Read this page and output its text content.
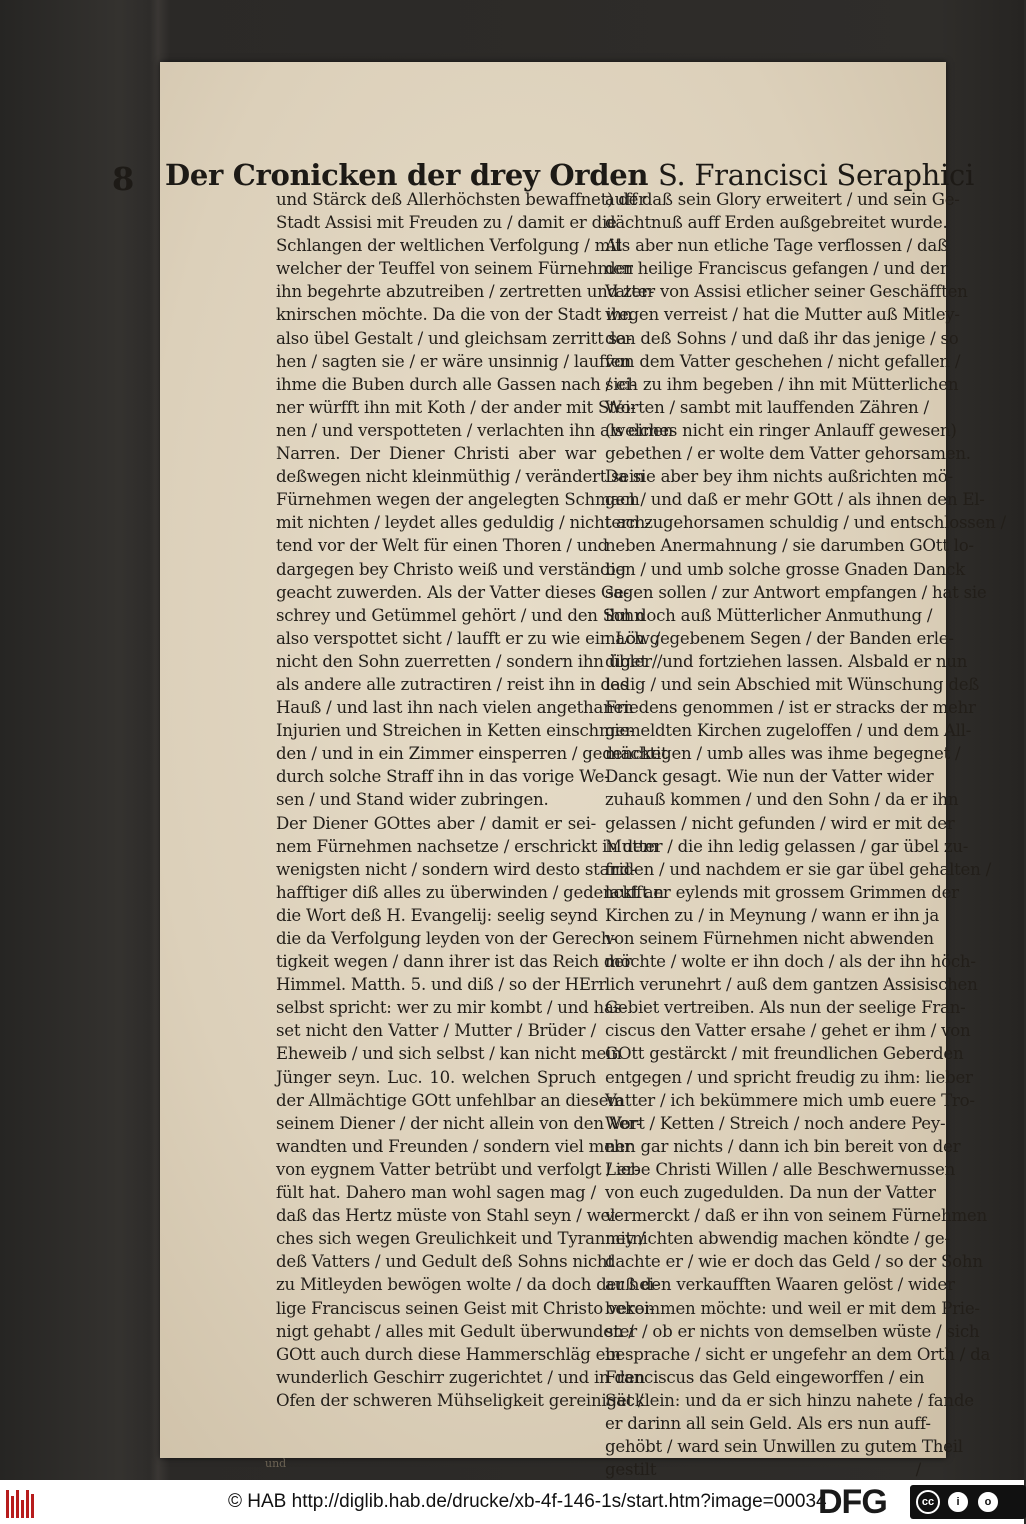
8 Der Cronicken der drey Orden S. Francisci Seraphici
und Stärck deß Allerhöchsten bewaffnet) der
Stadt Assisi mit Freuden zu / damit er die
Schlangen der weltlichen Verfolgung / mit
welcher der Teuffel von seinem Fürnehmen
ihn begehrte abzutreiben / zertretten und zer-
knirschen möchte. Da die von der Stadt ihn
also übel Gestalt / und gleichsam zerritt sa-
hen / sagten sie / er wäre unsinnig / lauffen
ihme die Buben durch alle Gassen nach / ei-
ner würfft ihn mit Koth / der ander mit Stei-
nen / und verspotteten / verlachten ihn als einen
Narren. Der Diener Christi aber war
deßwegen nicht kleinmüthig / verändert sein
Fürnehmen wegen der angelegten Schmach
mit nichten / leydet alles geduldig / nicht ach-
tend vor der Welt für einen Thoren / und
dargegen bey Christo weiß und verständig
geacht zuwerden. Als der Vatter dieses Ge-
schrey und Getümmel gehört / und den Sohn
also verspottet sicht / laufft er zu wie ein Löw /
nicht den Sohn zuerretten / sondern ihn übler /
als andere alle zutractiren / reist ihn in das
Hauß / und last ihn nach vielen angethanen
Injurien und Streichen in Ketten einschmie-
den / und in ein Zimmer einsperren / gedencket
durch solche Straff ihn in das vorige We-
sen / und Stand wider zubringen.
Der Diener GOttes aber / damit er sei-
nem Fürnehmen nachsetze / erschrickt in dem
wenigsten nicht / sondern wird desto stand-
hafftiger diß alles zu überwinden / gedenckt an
die Wort deß H. Evangelij: seelig seynd
die da Verfolgung leyden von der Gerech-
tigkeit wegen / dann ihrer ist das Reich der
Himmel. Matth. 5. und diß / so der HErr
selbst spricht: wer zu mir kombt / und has-
set nicht den Vatter / Mutter / Brüder /
Eheweib / und sich selbst / kan nicht mein
Jünger seyn. Luc. 10. welchen Spruch
der Allmächtige GOtt unfehlbar an diesem
seinem Diener / der nicht allein von den Ver-
wandten und Freunden / sondern viel mehr
von eygnem Vatter betrübt und verfolgt / er-
fült hat. Dahero man wohl sagen mag /
daß das Hertz müste von Stahl seyn / wel-
ches sich wegen Greulichkeit und Tyranney /
deß Vatters / und Gedult deß Sohns nicht
zu Mitleyden bewögen wolte / da doch der hei-
lige Franciscus seinen Geist mit Christo verei-
nigt gehabt / alles mit Gedult überwunden /
GOtt auch durch diese Hammerschläg ein
wunderlich Geschirr zugerichtet / und in den
Ofen der schweren Mühseligkeit gereiniget /
auff daß sein Glory erweitert / und sein Ge-
dächtnuß auff Erden außgebreitet wurde.
Als aber nun etliche Tage verflossen / daß
der heilige Franciscus gefangen / und der
Vatter von Assisi etlicher seiner Geschäfften
wegen verreist / hat die Mutter auß Mitley-
den deß Sohns / und daß ihr das jenige / so
von dem Vatter geschehen / nicht gefallen /
sich zu ihm begeben / ihn mit Mütterlichen
Worten / sambt mit lauffenden Zähren /
(welches nicht ein ringer Anlauff gewesen)
gebethen / er wolte dem Vatter gehorsamen.
Da sie aber bey ihm nichts außrichten mö-
gen / und daß er mehr GOtt / als ihnen den El-
tern zugehorsamen schuldig / und entschlossen /
neben Anermahnung / sie darumben GOtt lo-
ben / und umb solche grosse Gnaden Danck
sagen sollen / zur Antwort empfangen / hat sie
ihn doch auß Mütterlicher Anmuthung /
nach gegebenem Segen / der Banden erle-
diget / und fortziehen lassen. Alsbald er nun
ledig / und sein Abschied mit Wünschung deß
Friedens genommen / ist er stracks der mehr
gemeldten Kirchen zugeloffen / und dem All-
mächtigen / umb alles was ihme begegnet /
Danck gesagt. Wie nun der Vatter wider
zuhauß kommen / und den Sohn / da er ihn
gelassen / nicht gefunden / wird er mit der
Mutter / die ihn ledig gelassen / gar übel zu-
friden / und nachdem er sie gar übel gehalten /
laufft er eylends mit grossem Grimmen der
Kirchen zu / in Meynung / wann er ihn ja
von seinem Fürnehmen nicht abwenden
möchte / wolte er ihn doch / als der ihn höch-
lich verunehrt / auß dem gantzen Assisischen
Gebiet vertreiben. Als nun der seelige Fran-
ciscus den Vatter ersahe / gehet er ihm / von
GOtt gestärckt / mit freundlichen Geberden
entgegen / und spricht freudig zu ihm: lieber
Vatter / ich bekümmere mich umb euere Tro-
Wort / Ketten / Streich / noch andere Pey-
nen gar nichts / dann ich bin bereit von der
Liebe Christi Willen / alle Beschwernussen
von euch zugedulden. Da nun der Vatter
vermerckt / daß er ihn von seinem Fürnehmen
mitnichten abwendig machen köndte / ge-
dachte er / wie er doch das Geld / so der Sohn
auß den verkaufften Waaren gelöst / wider
bekommen möchte: und weil er mit dem Prie-
ster / ob er nichts von demselben wüste / sich
besprache / sicht er ungefehr an dem Orth / da
Franciscus das Geld eingeworffen / ein
Säcklein: und da er sich hinzu nahete / fande
er darinn all sein Geld. Als ers nun auff-
gehöbt / ward sein Unwillen zu gutem Theil
gestilt /
und
© HAB http://diglib.hab.de/drucke/xb-4f-146-1s/start.htm?image=00034
DFG	cc	i	o
